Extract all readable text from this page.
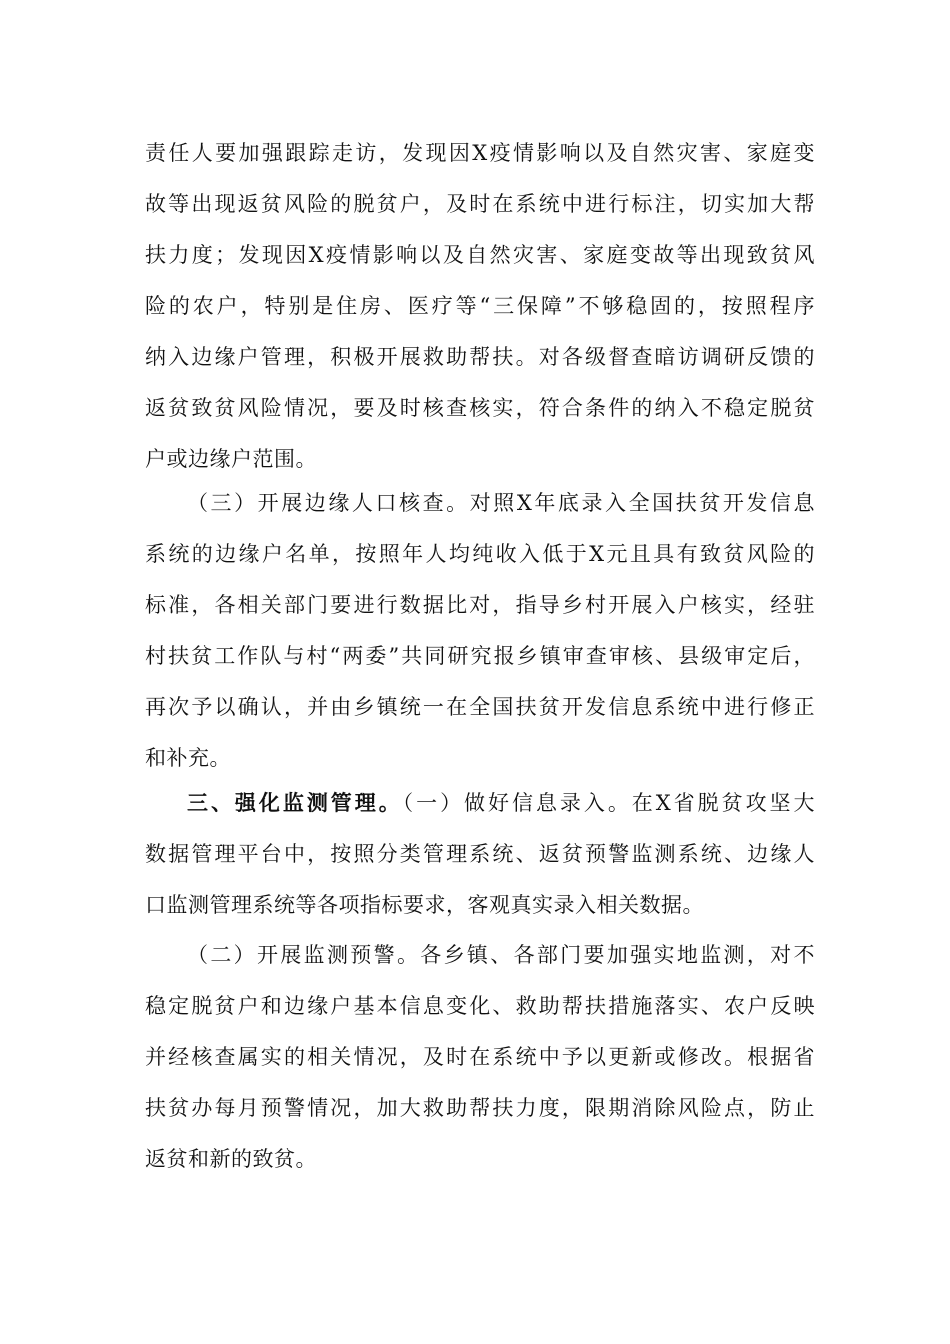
责任人要加强跟踪走访，发现因X疫情影响以及自然灾害、家庭变
故等出现返贫风险的脱贫户，及时在系统中进行标注，切实加大帮
扶力度；发现因X疫情影响以及自然灾害、家庭变故等出现致贫风
险的农户，特别是住房、医疗等“三保障”不够稳固的，按照程序
纳入边缘户管理，积极开展救助帮扶。对各级督查暗访调研反馈的
返贫致贫风险情况，要及时核查核实，符合条件的纳入不稳定脱贫
户或边缘户范围。
（三）开展边缘人口核查。对照X年底录入全国扶贫开发信息
系统的边缘户名单，按照年人均纯收入低于X元且具有致贫风险的
标准，各相关部门要进行数据比对，指导乡村开展入户核实，经驻
村扶贫工作队与村“两委”共同研究报乡镇审查审核、县级审定后，
再次予以确认，并由乡镇统一在全国扶贫开发信息系统中进行修正
和补充。
三、强化监测管理。（一）做好信息录入。在X省脱贫攻坚大
数据管理平台中，按照分类管理系统、返贫预警监测系统、边缘人
口监测管理系统等各项指标要求，客观真实录入相关数据。
（二）开展监测预警。各乡镇、各部门要加强实地监测，对不
稳定脱贫户和边缘户基本信息变化、救助帮扶措施落实、农户反映
并经核查属实的相关情况，及时在系统中予以更新或修改。根据省
扶贫办每月预警情况，加大救助帮扶力度，限期消除风险点，防止
返贫和新的致贫。
